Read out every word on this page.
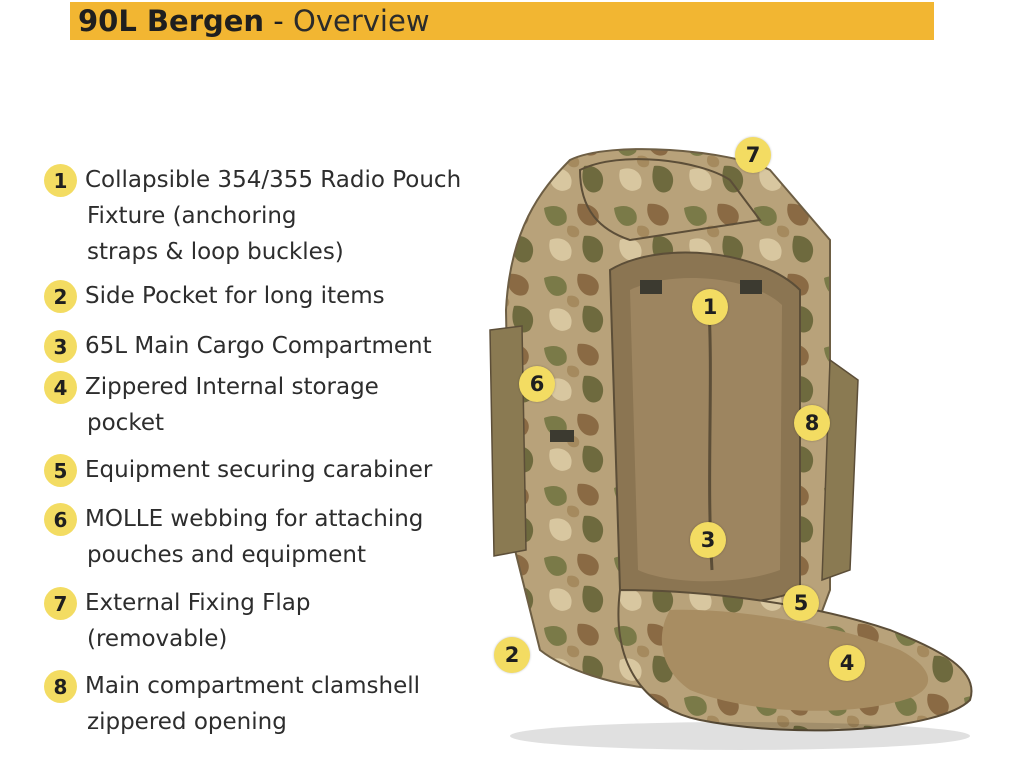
90L Bergen - Overview
1 Collapsible 354/355 Radio Pouch
Fixture (anchoring
straps & loop buckles)
2 Side Pocket for long items
3 65L Main Cargo Compartment
4 Zippered Internal storage
pocket
5 Equipment securing carabiner
6 MOLLE webbing for attaching
pouches and equipment
7 External Fixing Flap
(removable)
8 Main compartment clamshell
zippered opening
7
1
6
8
3
5
2	4
